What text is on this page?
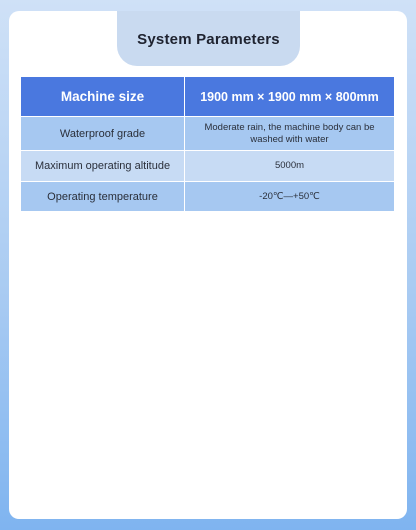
System Parameters
Machine size	1900 mm × 1900 mm × 800mm
Waterproof grade	Moderate rain, the machine body can be washed with water
Maximum operating altitude	5000m
Operating temperature	-20℃—+50℃
